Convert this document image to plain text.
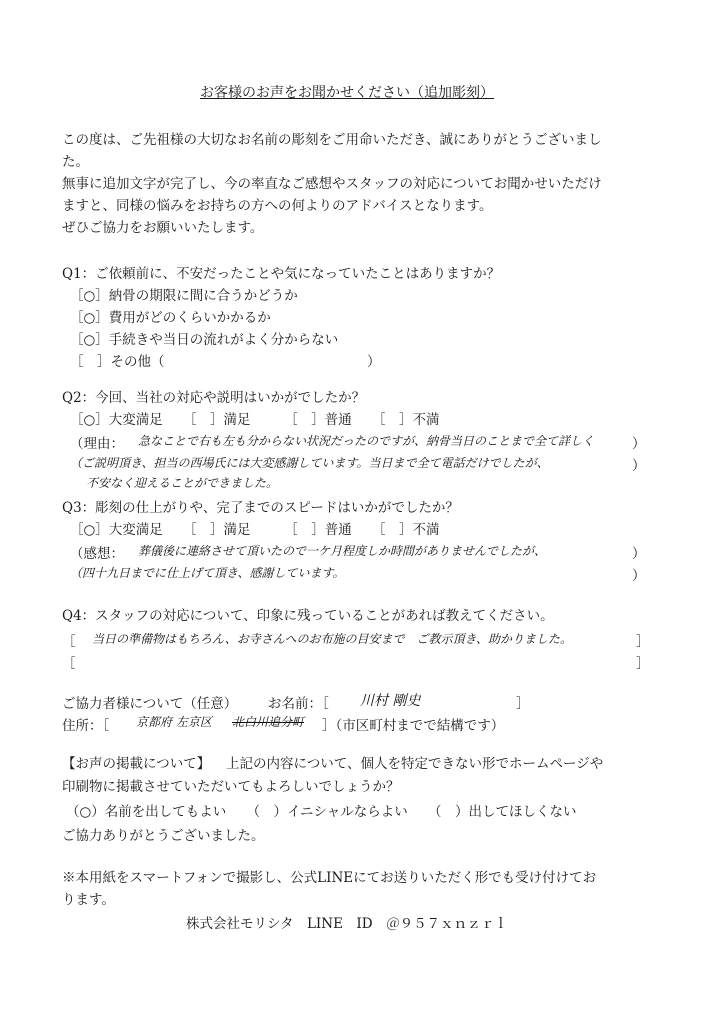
お客様のお声をお聞かせください（追加彫刻）
この度は、ご先祖様の大切なお名前の彫刻をご用命いただき、誠にありがとうございまし
た。
無事に追加文字が完了し、今の率直なご感想やスタッフの対応についてお聞かせいただけ
ますと、同様の悩みをお持ちの方への何よりのアドバイスとなります。
ぜひご協力をお願いいたします。
Q1：ご依頼前に、不安だったことや気になっていたことはありますか？
［○］納骨の期限に間に合うかどうか
［○］費用がどのくらいかかるか
［○］手続きや当日の流れがよく分からない
［　］その他（　　　　　　　　　　　　　　　）
Q2：今回、当社の対応や説明はいかがでしたか？
［○］大変満足　　［　］満足　　　［　］普通　　［　］不満
（理由： 急なことで右も左も分からない状況だったのですが、納骨当日のことまで全て詳しく	）
（ご説明頂き、担当の西場氏には大変感謝しています。当日まで全て電話だけでしたが、	）
不安なく迎えることができました。
Q3：彫刻の仕上がりや、完了までのスピードはいかがでしたか？
［○］大変満足　　［　］満足　　　［　］普通　　［　］不満
（感想： 葬儀後に連絡させて頂いたので一ケ月程度しか時間がありませんでしたが、	）
（四十九日までに仕上げて頂き、感謝しています。	）
Q4：スタッフの対応について、印象に残っていることがあれば教えてください。
［ 当日の準備物はもちろん、お寺さんへのお布施の目安まで　ご教示頂き、助かりました。	］
［	］
ご協力者様について（任意） お名前：［ 川村 剛史	］
住所：［ 京都府 左京区 北白川追分町 ］（市区町村までで結構です）
【お声の掲載について】 上記の内容について、個人を特定できない形でホームページや
印刷物に掲載させていただいてもよろしいでしょうか？
（○）名前を出してもよい　　（　）イニシャルならよい　　（　）出してほしくない
ご協力ありがとうございました。
※本用紙をスマートフォンで撮影し、公式LINEにてお送りいただく形でも受け付けてお
ります。
株式会社モリシタ　LINE　ID　＠９５７ｘｎｚｒｌ
